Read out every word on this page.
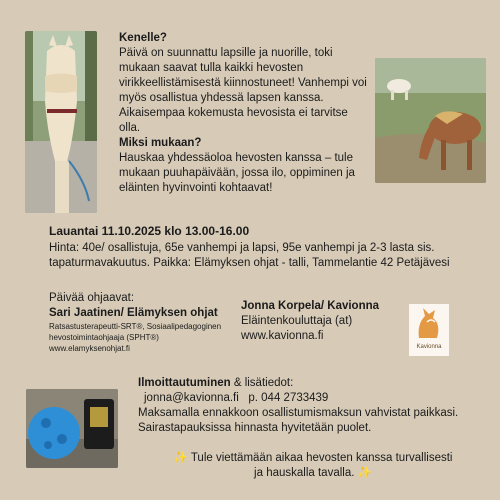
Kenelle?

Päivä on suunnattu lapsille ja nuorille, toki mukaan saavat tulla kaikki hevosten virikkeellistämisestä kiinnostuneet! Vanhempi voi myös osallistua yhdessä lapsen kanssa. Aikaisempaa kokemusta hevosista ei tarvitse olla.

Miksi mukaan?

Hauskaa yhdessäoloa hevosten kanssa – tule mukaan puuhapäivään, jossa ilo, oppiminen ja eläinten hyvinvointi kohtaavat!

Lauantai 11.10.2025 klo 13.00-16.00

Hinta: 40e/ osallistuja, 65e vanhempi ja lapsi, 95e vanhempi ja 2-3 lasta sis. tapaturmavakuutus. Paikka: Elämyksen ohjat - talli, Tammelantie 42 Petäjävesi

Päivää ohjaavat:

Sari Jaatinen/ Elämyksen ohjat

Ratsastusterapeutti-SRT®, Sosiaalipedagoginen hevostoimintaohjaaja (SPHT®)

www.elamyksenohjat.fi

Jonna Korpela/ Kavionna

Eläintenkouluttaja (at)

www.kavionna.fi

Kavionna

Ilmoittautuminen & lisätiedot:

jonna@kavionna.fi   p. 044 2733439

Maksamalla ennakkoon osallistumismaksun vahvistat paikkasi.

Sairastapauksissa hinnasta hyvitetään puolet.

✨ Tule viettämään aikaa hevosten kanssa turvallisesti

ja hauskalla tavalla. ✨
